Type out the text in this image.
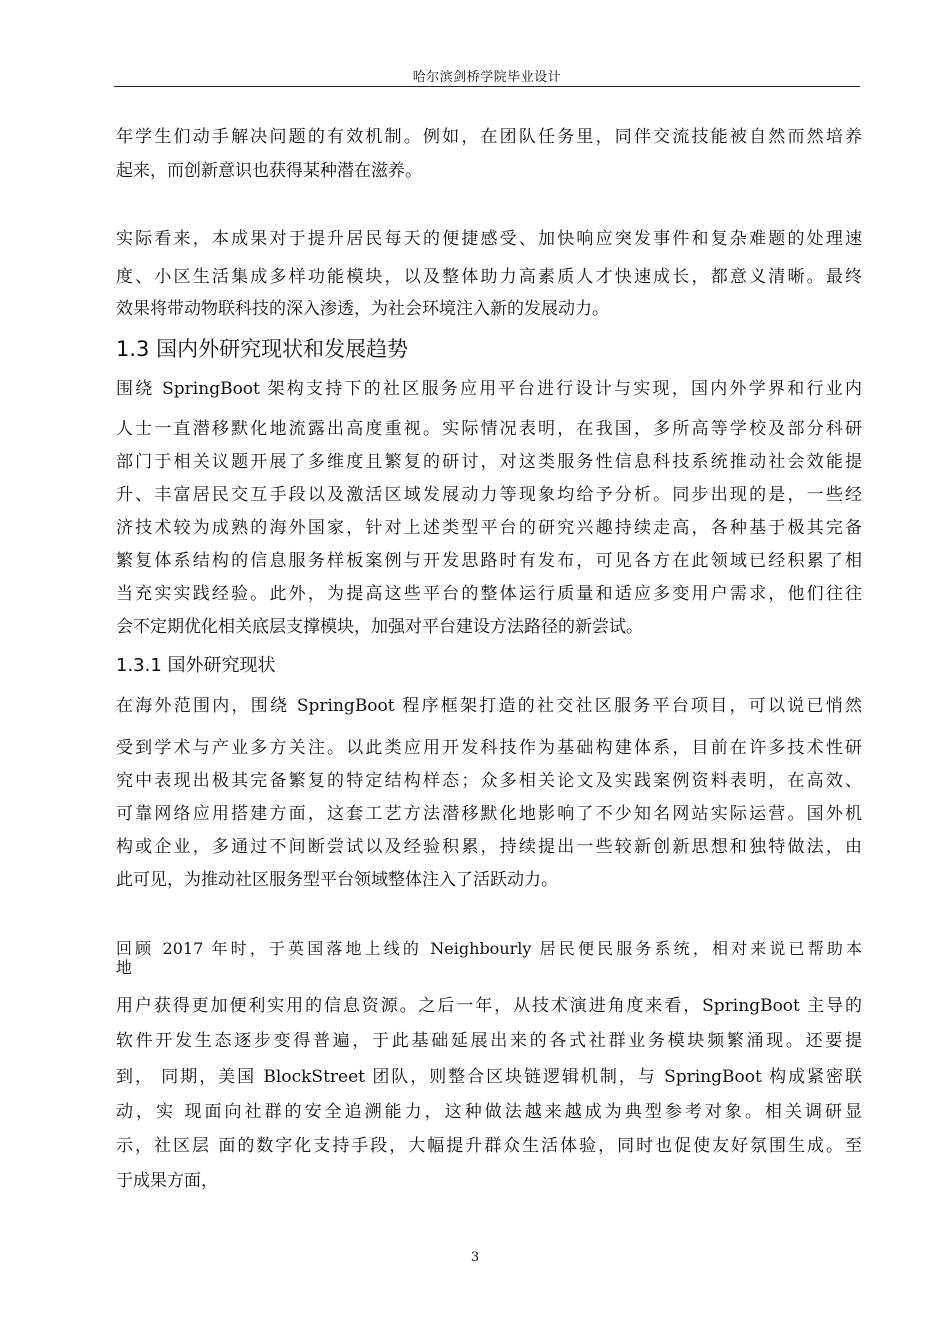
哈尔滨剑桥学院毕业设计
年学生们动手解决问题的有效机制。例如，在团队任务里，同伴交流技能被自然而然培养
起来，而创新意识也获得某种潜在滋养。
实际看来，本成果对于提升居民每天的便捷感受、加快响应突发事件和复杂难题的处理速
度、小区生活集成多样功能模块，以及整体助力高素质人才快速成长，都意义清晰。最终
效果将带动物联科技的深入渗透，为社会环境注入新的发展动力。
1.3 国内外研究现状和发展趋势
围绕 SpringBoot 架构支持下的社区服务应用平台进行设计与实现，国内外学界和行业内
人士一直潜移默化地流露出高度重视。实际情况表明，在我国，多所高等学校及部分科研
部门于相关议题开展了多维度且繁复的研讨，对这类服务性信息科技系统推动社会效能提
升、丰富居民交互手段以及激活区域发展动力等现象均给予分析。同步出现的是，一些经
济技术较为成熟的海外国家，针对上述类型平台的研究兴趣持续走高，各种基于极其完备
繁复体系结构的信息服务样板案例与开发思路时有发布，可见各方在此领域已经积累了相
当充实实践经验。此外，为提高这些平台的整体运行质量和适应多变用户需求，他们往往
会不定期优化相关底层支撑模块，加强对平台建设方法路径的新尝试。
1.3.1 国外研究现状
在海外范围内，围绕 SpringBoot 程序框架打造的社交社区服务平台项目，可以说已悄然
受到学术与产业多方关注。以此类应用开发科技作为基础构建体系，目前在许多技术性研
究中表现出极其完备繁复的特定结构样态；众多相关论文及实践案例资料表明，在高效、
可靠网络应用搭建方面，这套工艺方法潜移默化地影响了不少知名网站实际运营。国外机
构或企业，多通过不间断尝试以及经验积累，持续提出一些较新创新思想和独特做法，由
此可见，为推动社区服务型平台领域整体注入了活跃动力。
回顾 2017 年时，于英国落地上线的 Neighbourly 居民便民服务系统，相对来说已帮助本
地
用户获得更加便利实用的信息资源。之后一年，从技术演进角度来看，SpringBoot 主导的
软件开发生态逐步变得普遍，于此基础延展出来的各式社群业务模块频繁涌现。还要提
到， 同期，美国 BlockStreet 团队，则整合区块链逻辑机制，与 SpringBoot 构成紧密联
动，实 现面向社群的安全追溯能力，这种做法越来越成为典型参考对象。相关调研显
示，社区层 面的数字化支持手段，大幅提升群众生活体验，同时也促使友好氛围生成。至
于成果方面，
3
